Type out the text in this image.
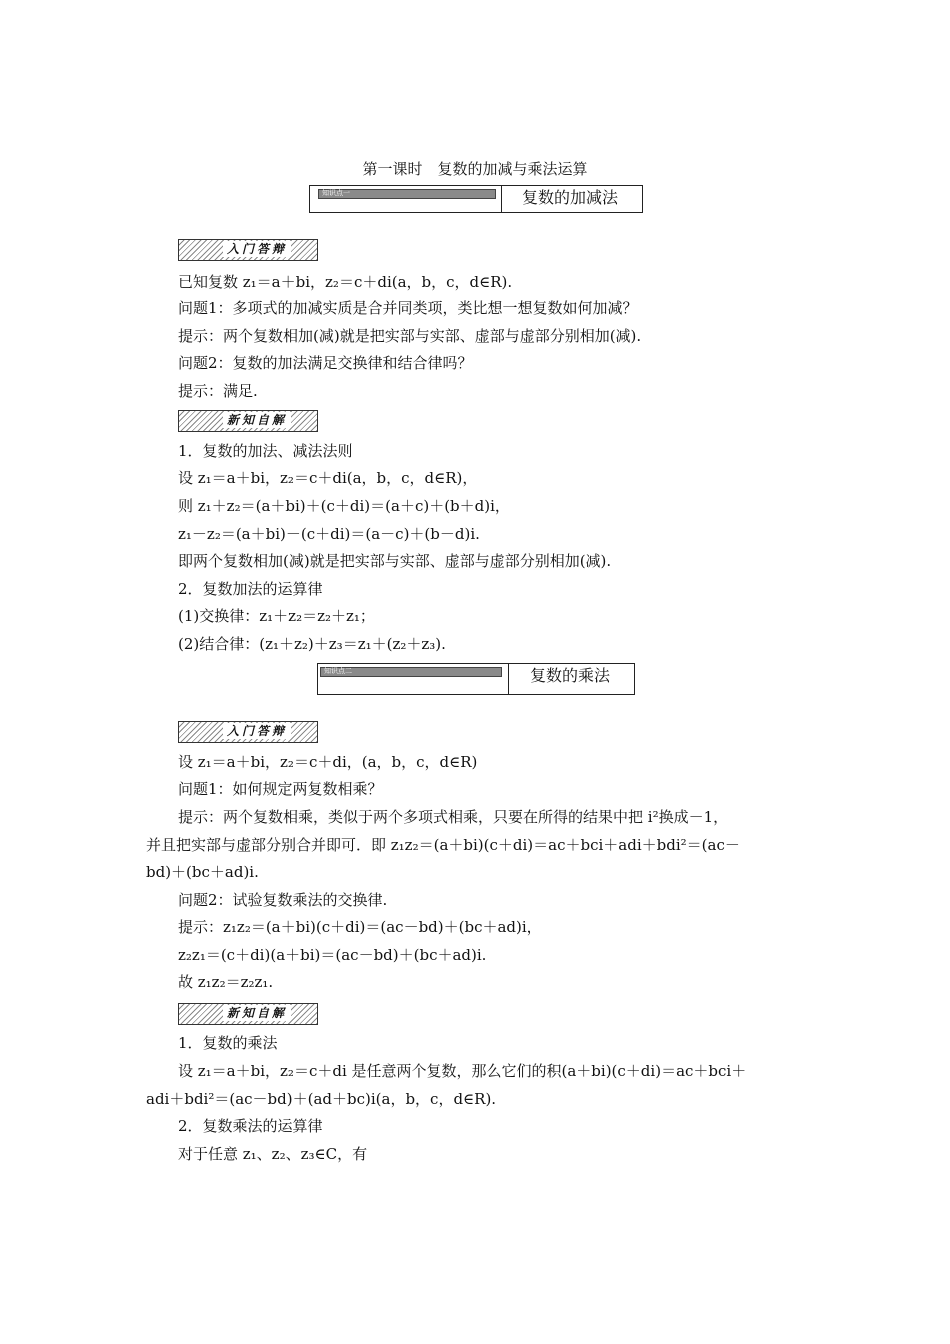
第一课时　复数的加减与乘法运算
知识点一	复数的加减法
入门答辩
已知复数 z₁＝a＋bi，z₂＝c＋di(a，b，c，d∈R).
问题1：多项式的加减实质是合并同类项，类比想一想复数如何加减？
提示：两个复数相加(减)就是把实部与实部、虚部与虚部分别相加(减).
问题2：复数的加法满足交换律和结合律吗？
提示：满足.
新知自解
1．复数的加法、减法法则
设 z₁＝a＋bi，z₂＝c＋di(a，b，c，d∈R)，
则 z₁＋z₂＝(a＋bi)＋(c＋di)＝(a＋c)＋(b＋d)i，
z₁－z₂＝(a＋bi)－(c＋di)＝(a－c)＋(b－d)i.
即两个复数相加(减)就是把实部与实部、虚部与虚部分别相加(减).
2．复数加法的运算律
(1)交换律：z₁＋z₂＝z₂＋z₁；
(2)结合律：(z₁＋z₂)＋z₃＝z₁＋(z₂＋z₃).
知识点二	复数的乘法
入门答辩
设 z₁＝a＋bi，z₂＝c＋di，(a，b，c，d∈R)
问题1：如何规定两复数相乘？
提示：两个复数相乘，类似于两个多项式相乘，只要在所得的结果中把 i²换成－1，
并且把实部与虚部分别合并即可．即 z₁z₂＝(a＋bi)(c＋di)＝ac＋bci＋adi＋bdi²＝(ac－
bd)＋(bc＋ad)i.
问题2：试验复数乘法的交换律.
提示：z₁z₂＝(a＋bi)(c＋di)＝(ac－bd)＋(bc＋ad)i，
z₂z₁＝(c＋di)(a＋bi)＝(ac－bd)＋(bc＋ad)i.
故 z₁z₂＝z₂z₁.
新知自解
1．复数的乘法
设 z₁＝a＋bi，z₂＝c＋di 是任意两个复数，那么它们的积(a＋bi)(c＋di)＝ac＋bci＋
adi＋bdi²＝(ac－bd)＋(ad＋bc)i(a，b，c，d∈R).
2．复数乘法的运算律
对于任意 z₁、z₂、z₃∈C，有
